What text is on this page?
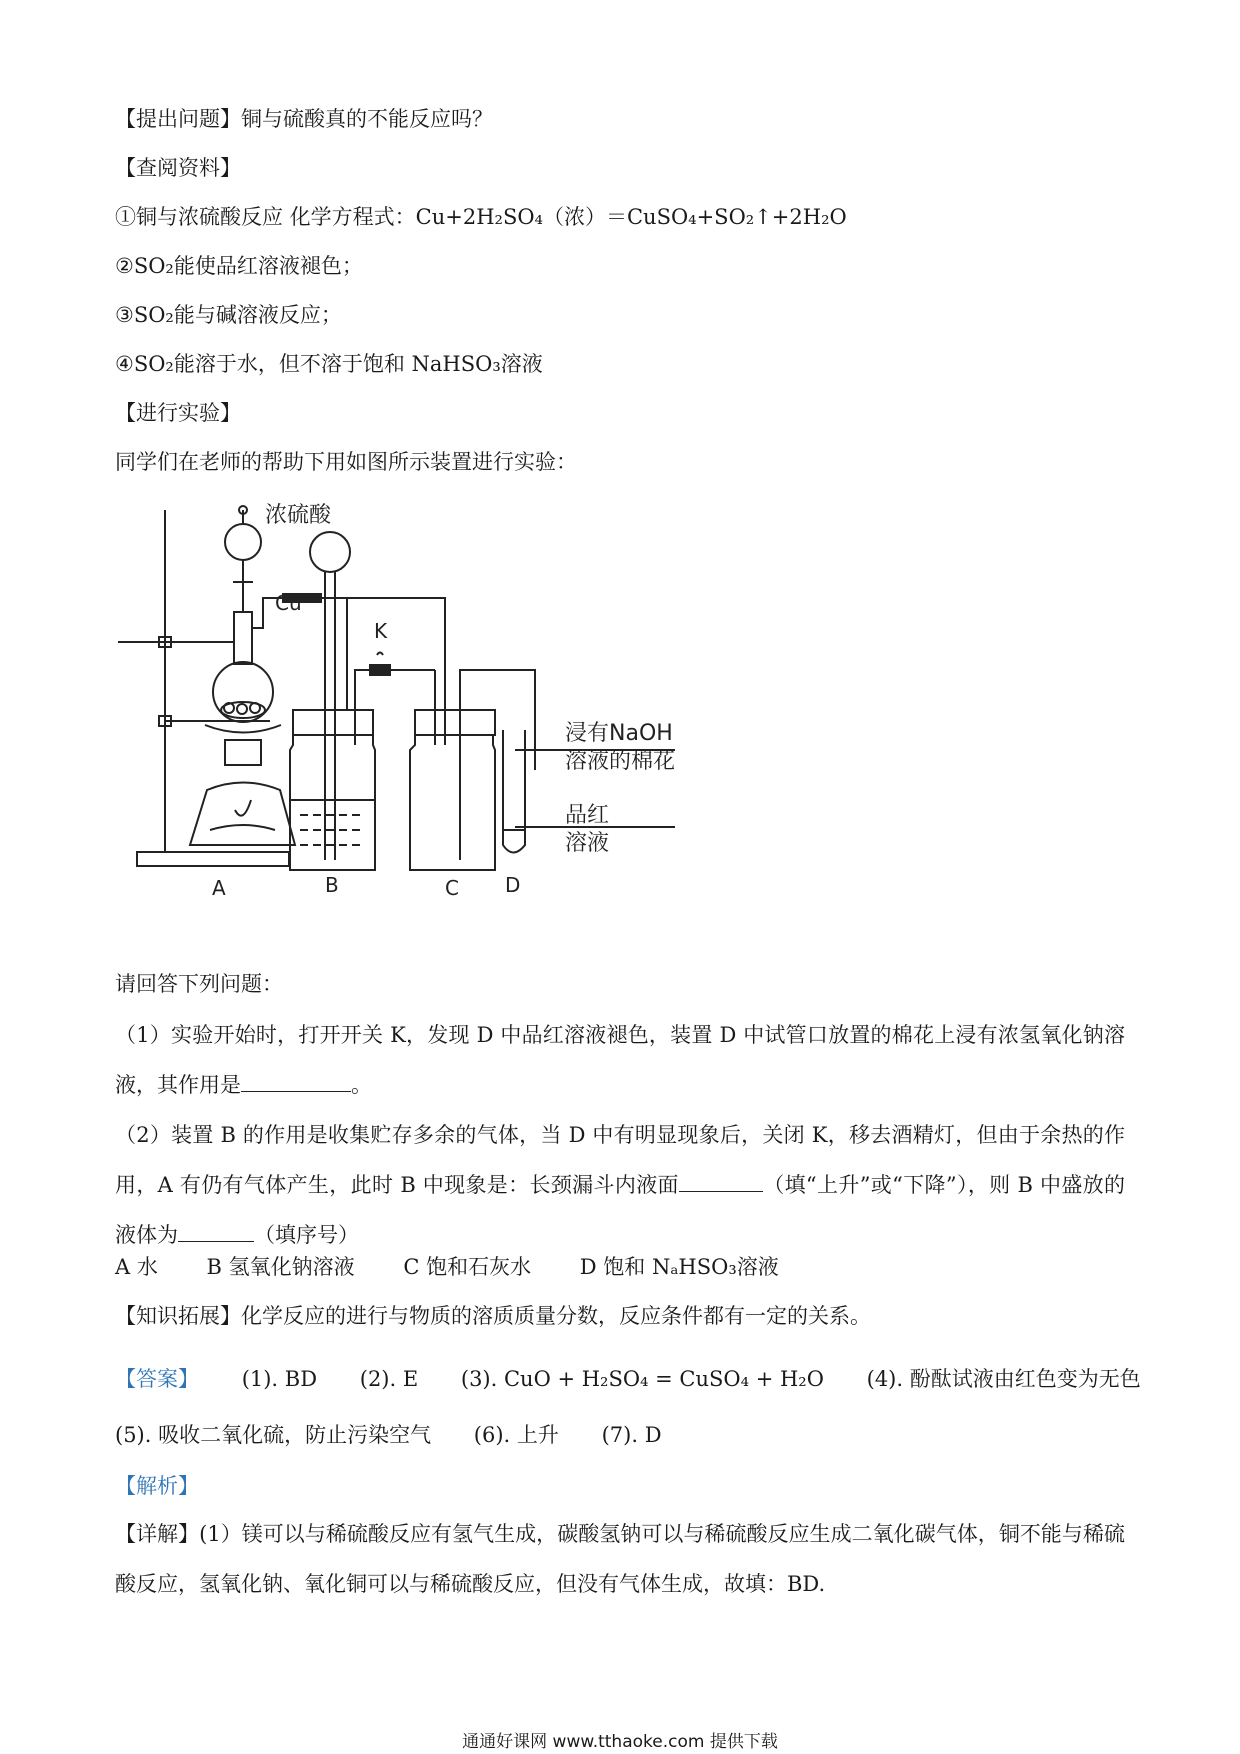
【提出问题】铜与硫酸真的不能反应吗？
【查阅资料】
①铜与浓硫酸反应 化学方程式：Cu+2H₂SO₄（浓）＝CuSO₄+SO₂↑+2H₂O
②SO₂能使品红溶液褪色；
③SO₂能与碱溶液反应；
④SO₂能溶于水，但不溶于饱和 NaHSO₃溶液
【进行实验】
同学们在老师的帮助下用如图所示装置进行实验：
浓硫酸
Cu
K
浸有NaOH
溶液的棉花
品红
溶液
A	B	C D
请回答下列问题：
（1）实验开始时，打开开关 K，发现 D 中品红溶液褪色，装置 D 中试管口放置的棉花上浸有浓氢氧化钠溶液，其作用是	。
（2）装置 B 的作用是收集贮存多余的气体，当 D 中有明显现象后，关闭 K，移去酒精灯，但由于余热的作用，A 有仍有气体产生，此时 B 中现象是：长颈漏斗内液面	（填“上升”或“下降”），则 B 中盛放的液体为	（填序号）
A 水 B 氢氧化钠溶液 C 饱和石灰水 D 饱和 NₐHSO₃溶液
【知识拓展】化学反应的进行与物质的溶质质量分数，反应条件都有一定的关系。
【答案】 (1). BD (2). E (3). CuO + H₂SO₄ = CuSO₄ + H₂O (4). 酚酞试液由红色变为无色
(5). 吸收二氧化硫，防止污染空气 (6). 上升 (7). D
【解析】
【详解】(1）镁可以与稀硫酸反应有氢气生成，碳酸氢钠可以与稀硫酸反应生成二氧化碳气体，铜不能与稀硫酸反应，氢氧化钠、氧化铜可以与稀硫酸反应，但没有气体生成，故填：BD.
通通好课网 www.tthaoke.com 提供下载
